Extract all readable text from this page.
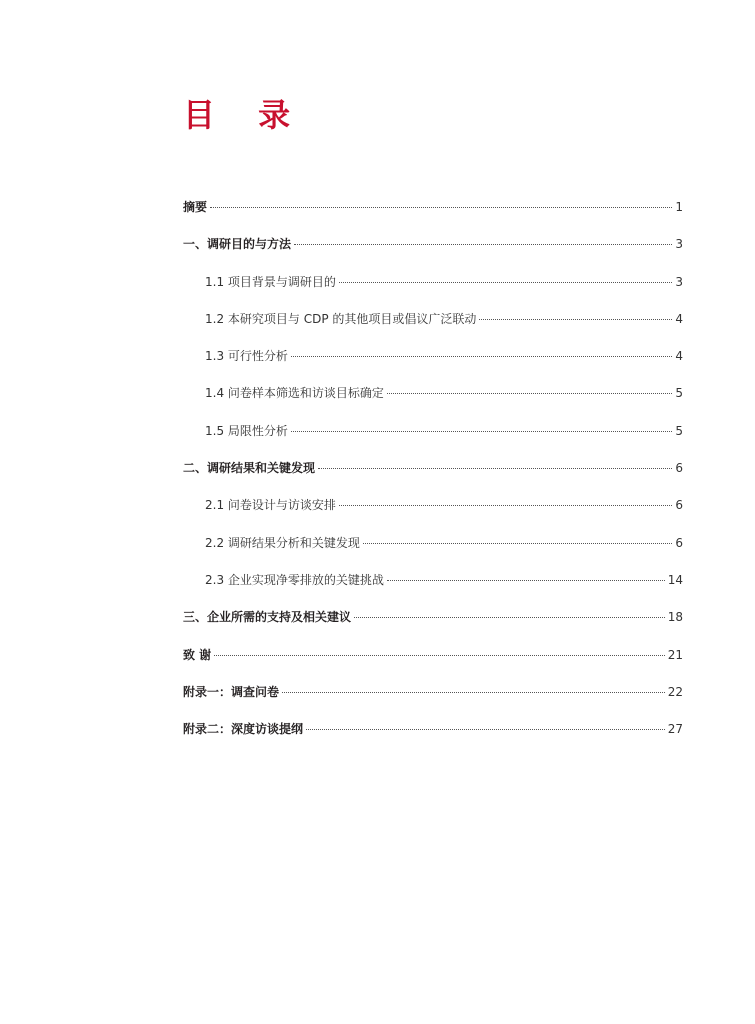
目 录
摘要	1
一、调研目的与方法	3
1.1 项目背景与调研目的	3
1.2 本研究项目与 CDP 的其他项目或倡议广泛联动	4
1.3 可行性分析	4
1.4 问卷样本筛选和访谈目标确定	5
1.5 局限性分析	5
二、调研结果和关键发现	6
2.1 问卷设计与访谈安排	6
2.2 调研结果分析和关键发现	6
2.3 企业实现净零排放的关键挑战	14
三、企业所需的支持及相关建议	18
致 谢	21
附录一：调查问卷	22
附录二：深度访谈提纲	27
